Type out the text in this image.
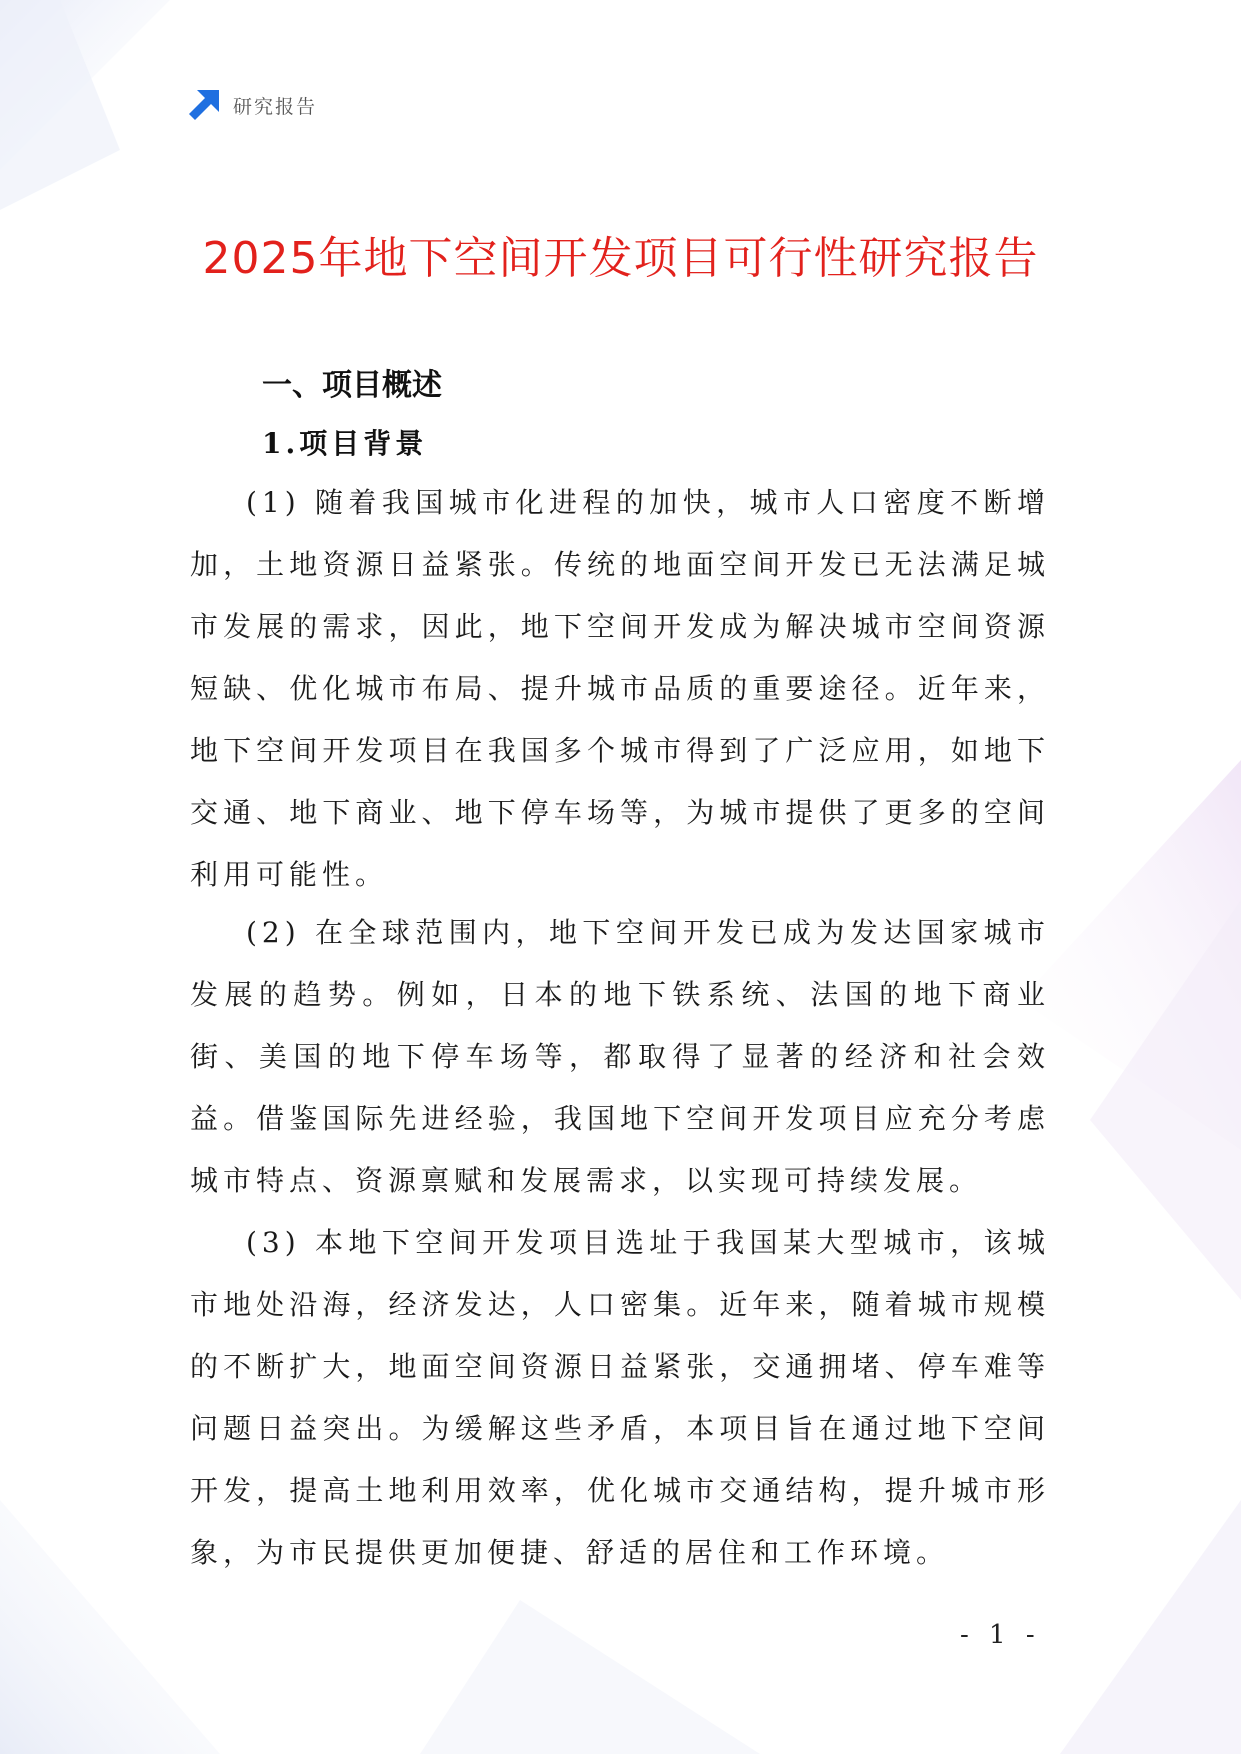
研究报告
2025年地下空间开发项目可行性研究报告
一、项目概述
1.项目背景

(1) 随着我国城市化进程的加快，城市人口密度不断增加，土地资源日益紧张。传统的地面空间开发已无法满足城市发展的需求，因此，地下空间开发成为解决城市空间资源短缺、优化城市布局、提升城市品质的重要途径。近年来，地下空间开发项目在我国多个城市得到了广泛应用，如地下交通、地下商业、地下停车场等，为城市提供了更多的空间利用可能性。

(2) 在全球范围内，地下空间开发已成为发达国家城市发展的趋势。例如，日本的地下铁系统、法国的地下商业街、美国的地下停车场等，都取得了显著的经济和社会效益。借鉴国际先进经验，我国地下空间开发项目应充分考虑城市特点、资源禀赋和发展需求，以实现可持续发展。

(3) 本地下空间开发项目选址于我国某大型城市，该城市地处沿海，经济发达，人口密集。近年来，随着城市规模的不断扩大，地面空间资源日益紧张，交通拥堵、停车难等问题日益突出。为缓解这些矛盾，本项目旨在通过地下空间开发，提高土地利用效率，优化城市交通结构，提升城市形象，为市民提供更加便捷、舒适的居住和工作环境。

- 1 -
